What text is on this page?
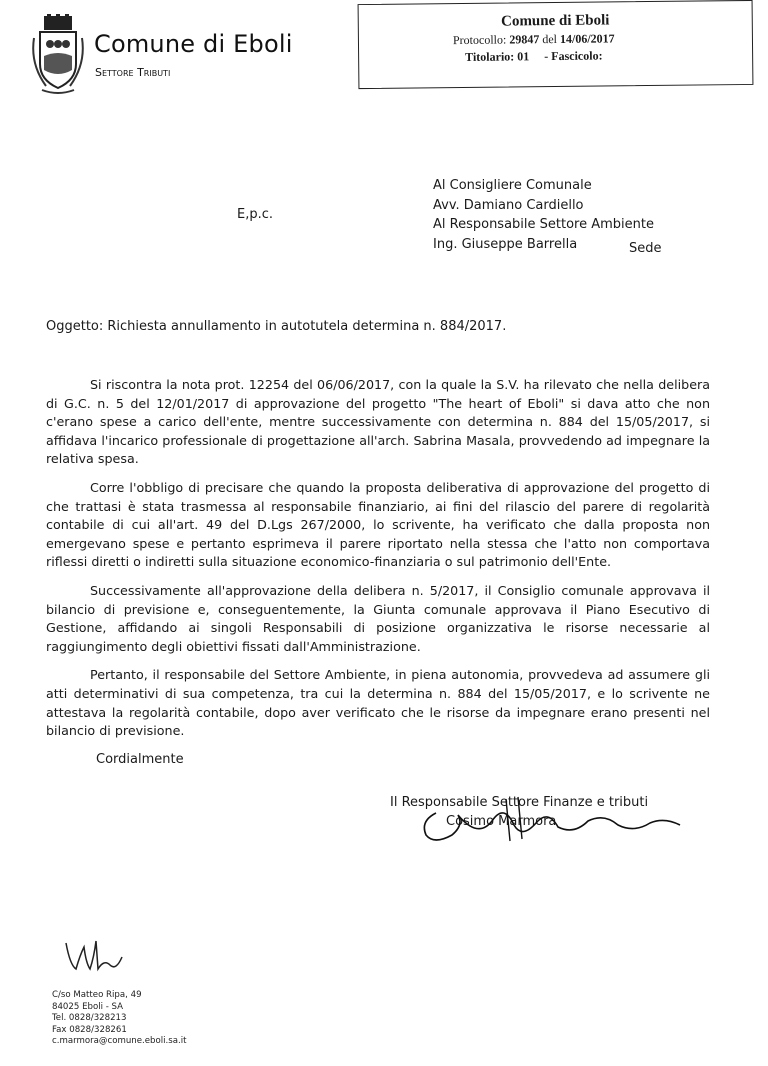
Comune di Eboli
Settore Tributi
Comune di Eboli
Protocollo: 29847 del 14/06/2017
Titolario: 01 - Fascicolo:
Al Consigliere Comunale
Avv. Damiano Cardiello
Al Responsabile Settore Ambiente
Ing. Giuseppe Barrella
E,p.c.
Sede
Oggetto: Richiesta annullamento in autotutela determina n. 884/2017.

Si riscontra la nota prot. 12254 del 06/06/2017, con la quale la S.V. ha rilevato che nella delibera di G.C. n. 5 del 12/01/2017 di approvazione del progetto "The heart of Eboli" si dava atto che non c'erano spese a carico dell'ente, mentre successivamente con determina n. 884 del 15/05/2017, si affidava l'incarico professionale di progettazione all'arch. Sabrina Masala, provvedendo ad impegnare la relativa spesa.

Corre l'obbligo di precisare che quando la proposta deliberativa di approvazione del progetto di che trattasi è stata trasmessa al responsabile finanziario, ai fini del rilascio del parere di regolarità contabile di cui all'art. 49 del D.Lgs 267/2000, lo scrivente, ha verificato che dalla proposta non emergevano spese e pertanto esprimeva il parere riportato nella stessa che l'atto non comportava riflessi diretti o indiretti sulla situazione economico-finanziaria o sul patrimonio dell'Ente.

Successivamente all'approvazione della delibera n. 5/2017, il Consiglio comunale approvava il bilancio di previsione e, conseguentemente, la Giunta comunale approvava il Piano Esecutivo di Gestione, affidando ai singoli Responsabili di posizione organizzativa le risorse necessarie al raggiungimento degli obiettivi fissati dall'Amministrazione.

Pertanto, il responsabile del Settore Ambiente, in piena autonomia, provvedeva ad assumere gli atti determinativi di sua competenza, tra cui la determina n. 884 del 15/05/2017, e lo scrivente ne attestava la regolarità contabile, dopo aver verificato che le risorse da impegnare erano presenti nel bilancio di previsione.

Cordialmente
Il Responsabile Settore Finanze e tributi
Cosimo Marmora
C/so Matteo Ripa, 49
84025 Eboli - SA
Tel. 0828/328213
Fax 0828/328261
c.marmora@comune.eboli.sa.it
